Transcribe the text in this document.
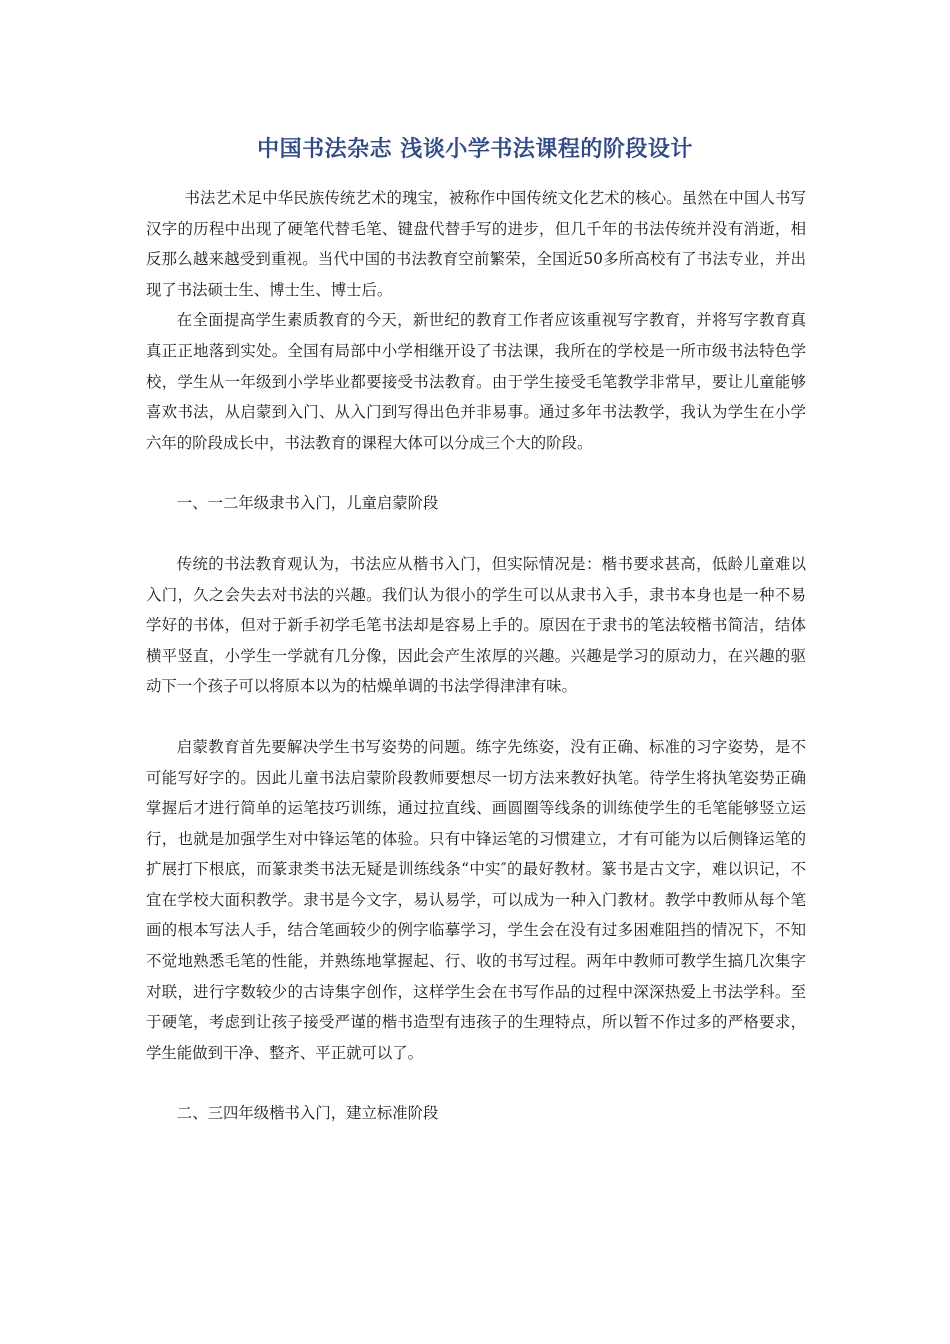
中国书法杂志 浅谈小学书法课程的阶段设计

书法艺术足中华民族传统艺术的瑰宝，被称作中国传统文化艺术的核心。虽然在中国人书写汉字的历程中出现了硬笔代替毛笔、键盘代替手写的进步，但几千年的书法传统并没有消逝，相反那么越来越受到重视。当代中国的书法教育空前繁荣，全国近50多所高校有了书法专业，并出现了书法硕士生、博士生、博士后。

在全面提高学生素质教育的今天，新世纪的教育工作者应该重视写字教育，并将写字教育真真正正地落到实处。全国有局部中小学相继开设了书法课，我所在的学校是一所市级书法特色学校，学生从一年级到小学毕业都要接受书法教育。由于学生接受毛笔教学非常早，要让儿童能够喜欢书法，从启蒙到入门、从入门到写得出色并非易事。通过多年书法教学，我认为学生在小学六年的阶段成长中，书法教育的课程大体可以分成三个大的阶段。

一、一二年级隶书入门，儿童启蒙阶段

传统的书法教育观认为，书法应从楷书入门，但实际情况是：楷书要求甚高，低龄儿童难以入门，久之会失去对书法的兴趣。我们认为很小的学生可以从隶书入手，隶书本身也是一种不易学好的书体，但对于新手初学毛笔书法却是容易上手的。原因在于隶书的笔法较楷书简洁，结体横平竖直，小学生一学就有几分像，因此会产生浓厚的兴趣。兴趣是学习的原动力，在兴趣的驱动下一个孩子可以将原本以为的枯燥单调的书法学得津津有味。

启蒙教育首先要解决学生书写姿势的问题。练字先练姿，没有正确、标准的习字姿势，是不可能写好字的。因此儿童书法启蒙阶段教师要想尽一切方法来教好执笔。待学生将执笔姿势正确掌握后才进行简单的运笔技巧训练，通过拉直线、画圆圈等线条的训练使学生的毛笔能够竖立运行，也就是加强学生对中锋运笔的体验。只有中锋运笔的习惯建立，才有可能为以后侧锋运笔的扩展打下根底，而篆隶类书法无疑是训练线条“中实″的最好教材。篆书是古文字，难以识记，不宜在学校大面积教学。隶书是今文字，易认易学，可以成为一种入门教材。教学中教师从每个笔画的根本写法人手，结合笔画较少的例字临摹学习，学生会在没有过多困难阻挡的情况下，不知不觉地熟悉毛笔的性能，并熟练地掌握起、行、收的书写过程。两年中教师可教学生搞几次集字对联，进行字数较少的古诗集字创作，这样学生会在书写作品的过程中深深热爱上书法学科。至于硬笔，考虑到让孩子接受严谨的楷书造型有违孩子的生理特点，所以暂不作过多的严格要求，学生能做到干净、整齐、平正就可以了。

二、三四年级楷书入门，建立标准阶段
